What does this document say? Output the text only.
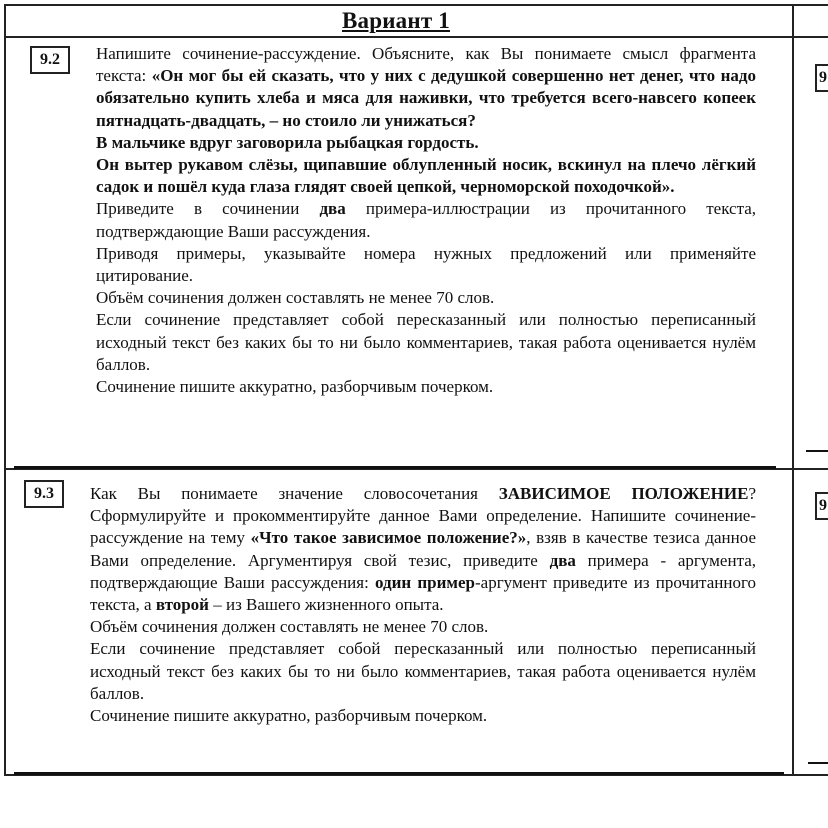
Вариант 1
9.2
9

Напишите сочинение-рассуждение. Объясните, как Вы понимаете смысл фрагмента текста: «Он мог бы ей сказать, что у них с дедушкой совершенно нет денег, что надо обязательно купить хлеба и мяса для наживки, что требуется всего-навсего копеек пятнадцать-двадцать, – но стоило ли унижаться?

В мальчике вдруг заговорила рыбацкая гордость.

Он вытер рукавом слёзы, щипавшие облупленный носик, вскинул на плечо лёгкий садок и пошёл куда глаза глядят своей цепкой, черноморской походочкой».

Приведите в сочинении два примера-иллюстрации из прочитанного текста, подтверждающие Ваши рассуждения.

Приводя примеры, указывайте номера нужных предложений или применяйте цитирование.

Объём сочинения должен составлять не менее 70 слов.

Если сочинение представляет собой пересказанный или полностью переписанный исходный текст без каких бы то ни было комментариев, такая работа оценивается нулём баллов.

Сочинение пишите аккуратно, разборчивым почерком.

9.3
9

Как Вы понимаете значение словосочетания ЗАВИСИМОЕ ПОЛОЖЕНИЕ? Сформулируйте и прокомментируйте данное Вами определение. Напишите сочинение-рассуждение на тему «Что такое зависимое положение?», взяв в качестве тезиса данное Вами определение. Аргументируя свой тезис, приведите два примера - аргумента, подтверждающие Ваши рассуждения: один пример-аргумент приведите из прочитанного текста, а второй – из Вашего жизненного опыта.

Объём сочинения должен составлять не менее 70 слов.

Если сочинение представляет собой пересказанный или полностью переписанный исходный текст без каких бы то ни было комментариев, такая работа оценивается нулём баллов.

Сочинение пишите аккуратно, разборчивым почерком.
